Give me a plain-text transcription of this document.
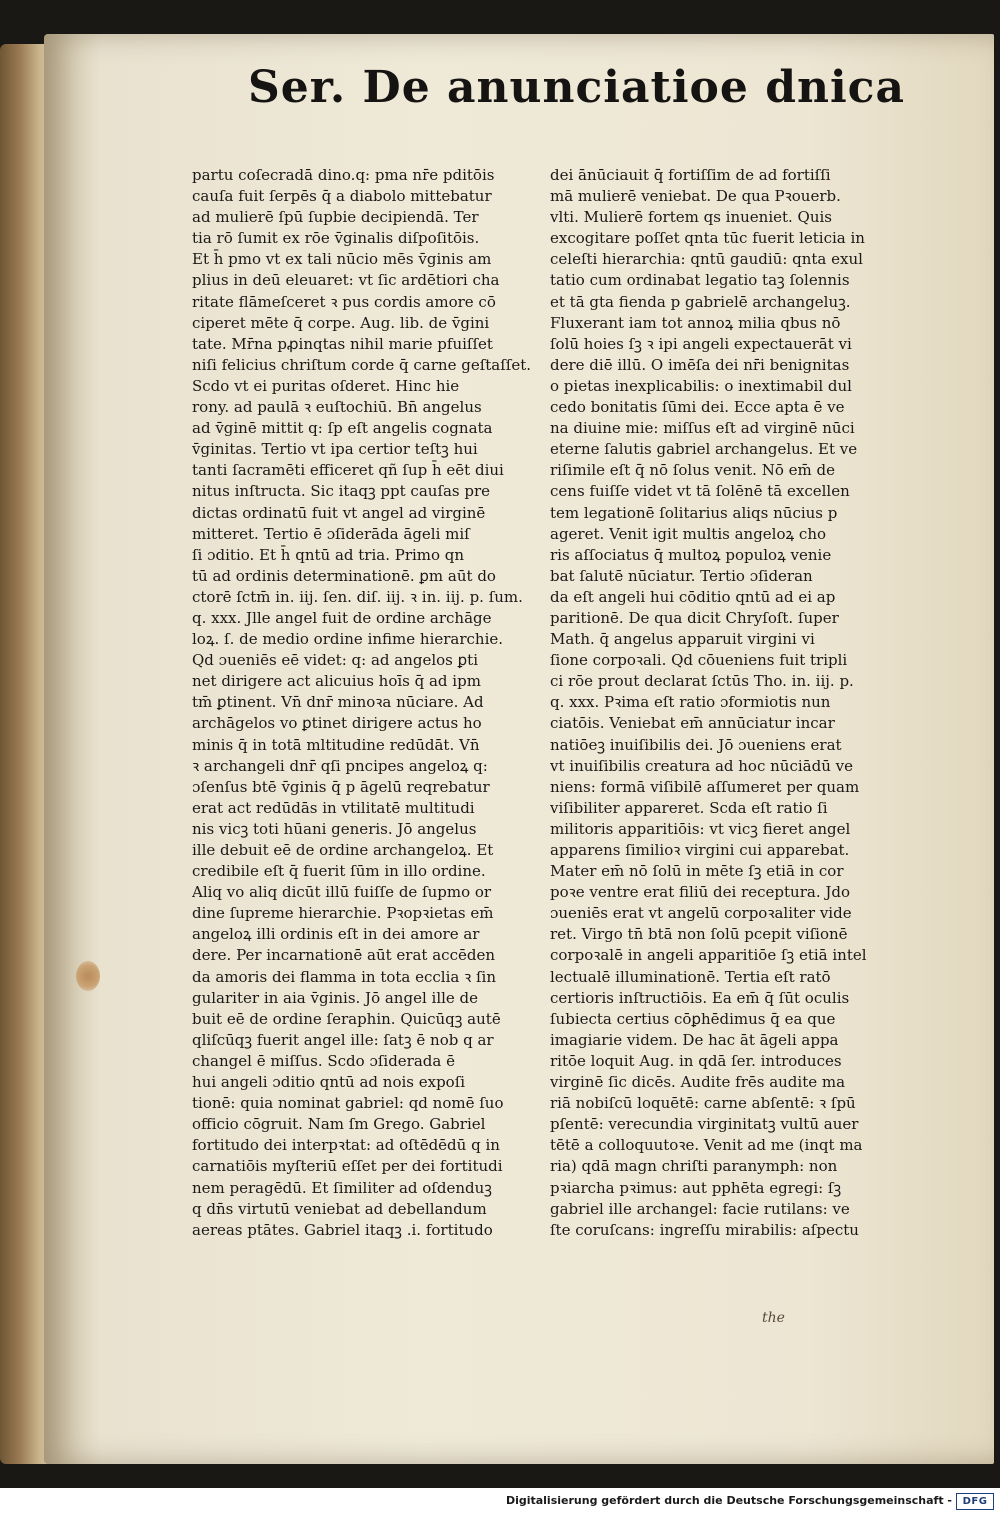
Ser. De anunciatioe dnica
partu coſecradā dino.q: pma nr̄e pditōis
cauſa fuit ſerpēs q̄ a diabolo mittebatur
ad mulierē ſpū ſupbie decipiendā. Ter
tia rō ſumit ex rōe v̄ginalis diſpoſitōis.
Et h̄ pmo vt ex tali nūcio mēs v̄ginis am
plius in deū eleuaret: vt ſic ardētiori cha
ritate flāmeſceret ꝛ pus cordis amore cō
ciperet mēte q̄ corpe. Aug. lib. de v̄gini
tate. Mr̄na pꝓinqtas nihil marie pfuiſſet
niſi felicius chriſtum corde q̄ carne geſtaſſet.
Scdo vt ei puritas oſderet. Hinc hie
rony. ad paulā ꝛ euſtochiū. Bn̄ angelus
ad v̄ginē mittit q: ſp eſt angelis cognata
v̄ginitas. Tertio vt ipa certior teſtꝫ hui
tanti ſacramēti efficeret qñ ſup h̄ eēt diui
nitus inſtructa. Sic itaqꝫ ppt cauſas pre
dictas ordinatū fuit vt angel ad virginē
mitteret. Tertio ē ɔſiderāda āgeli miſ
ſi ɔditio. Et h̄ qntū ad tria. Primo qn
tū ad ordinis determinationē. ꝑm aūt do
ctorē ſctm̄ in. iij. ſen. diſ. iij. ꝛ in. iij. p. ſum.
q. xxx. Jlle angel fuit de ordine archāge
loꝝ. ſ. de medio ordine infime hierarchie.
Qd ɔueniēs eē videt: q: ad angelos ꝑti
net dirigere act alicuius hoīs q̄ ad ipm
tm̄ ꝑtinent. Vn̄ dnr̄ minoꝛa nūciare. Ad
archāgelos vo ꝑtinet dirigere actus ho
minis q̄ in totā mltitudine redūdāt. Vn̄
ꝛ archangeli dnr̄ qſi pncipes angeloꝝ q:
ɔſenſus btē v̄ginis q̄ p āgelū reqrebatur
erat act redūdās in vtilitatē multitudi
nis vicꝫ toti hūani generis. Jō angelus
ille debuit eē de ordine archangeloꝝ. Et
credibile eſt q̄ fuerit ſūm in illo ordine.
Aliq vo aliq dicūt illū fuiſſe de ſupmo or
dine ſupreme hierarchie. Pꝛopꝛietas em̄
angeloꝝ illi ordinis eſt in dei amore ar
dere. Per incarnationē aūt erat accēden
da amoris dei flamma in tota ecclia ꝛ ſin
gulariter in aia v̄ginis. Jō angel ille de
buit eē de ordine ſeraphin. Quicūqꝫ autē
qliſcūqꝫ fuerit angel ille: ſatꝫ ē nob q ar
changel ē miſſus. Scdo ɔſiderada ē
hui angeli ɔditio qntū ad nois expoſi
tionē: quia nominat gabriel: qd nomē ſuo
officio cōgruit. Nam ſm Grego. Gabriel
fortitudo dei interpꝛtat: ad oſtēdēdū q in
carnatiōis myſteriū eſſet per dei fortitudi
nem peragēdū. Et ſimiliter ad oſdenduꝫ
q dn̄s virtutū veniebat ad debellandum
aereas ptātes. Gabriel itaqꝫ .i. fortitudo
dei ānūciauit q̄ fortiſſim de ad fortiſſi
mā mulierē veniebat. De qua Pꝛouerb.
vlti. Mulierē fortem qs inueniet. Quis
excogitare poſſet qnta tūc fuerit leticia in
celeſti hierarchia: qntū gaudiū: qnta exul
tatio cum ordinabat legatio taꝫ ſolennis
et tā gta fienda p gabrielē archangeluꝫ.
Fluxerant iam tot annoꝝ milia qbus nō
ſolū hoies ſꝫ ꝛ ipi angeli expectauerāt vi
dere diē illū. O imēſa dei nr̄i benignitas
o pietas inexplicabilis: o inextimabil dul
cedo bonitatis ſūmi dei. Ecce apta ē ve
na diuine mie: miſſus eſt ad virginē nūci
eterne ſalutis gabriel archangelus. Et ve
riſimile eſt q̄ nō ſolus venit. Nō em̄ de
cens fuiſſe videt vt tā ſolēnē tā excellen
tem legationē ſolitarius aliqs nūcius p
ageret. Venit igit multis angeloꝝ cho
ris aſſociatus q̄ multoꝝ populoꝝ venie
bat ſalutē nūciatur. Tertio ɔſideran
da eſt angeli hui cōditio qntū ad ei ap
paritionē. De qua dicit Chryſoſt. ſuper
Math. q̄ angelus apparuit virgini vi
ſione corpoꝛali. Qd cōueniens fuit tripli
ci rōe prout declarat ſctūs Tho. in. iij. p.
q. xxx. Pꝛima eſt ratio ɔformiotis nun
ciatōis. Veniebat em̄ annūciatur incar
natiōeꝫ inuiſibilis dei. Jō ɔueniens erat
vt inuiſibilis creatura ad hoc nūciādū ve
niens: formā viſibilē aſſumeret per quam
viſibiliter appareret. Scda eſt ratio ſi
militoris apparitiōis: vt vicꝫ fieret angel
apparens ſimilioꝛ virgini cui apparebat.
Mater em̄ nō ſolū in mēte ſꝫ etiā in cor
poꝛe ventre erat filiū dei receptura. Jdo
ɔueniēs erat vt angelū corpoꝛaliter vide
ret. Virgo tn̄ btā non ſolū pcepit viſionē
corpoꝛalē in angeli apparitiōe ſꝫ etiā intel
lectualē illuminationē. Tertia eſt ratō
certioris inſtructiōis. Ea em̄ q̄ ſūt oculis
ſubiecta certius cōꝑhēdimus q̄ ea que
imagiarie videm. De hac āt āgeli appa
ritōe loquit Aug. in qdā ſer. introduces
virginē ſic dicēs. Audite frēs audite ma
riā nobiſcū loquētē: carne abſentē: ꝛ ſpū
pſentē: verecundia virginitatꝫ vultū auer
tētē a colloquutoꝛe. Venit ad me (inqt ma
ria) qdā magn chriſti paranymph: non
pꝛiarcha pꝛimus: aut pphēta egregi: ſꝫ
gabriel ille archangel: facie rutilans: ve
ſte coruſcans: ingreſſu mirabilis: aſpectu
the
Digitalisierung gefördert durch die Deutsche Forschungsgemeinschaft -	DFG
